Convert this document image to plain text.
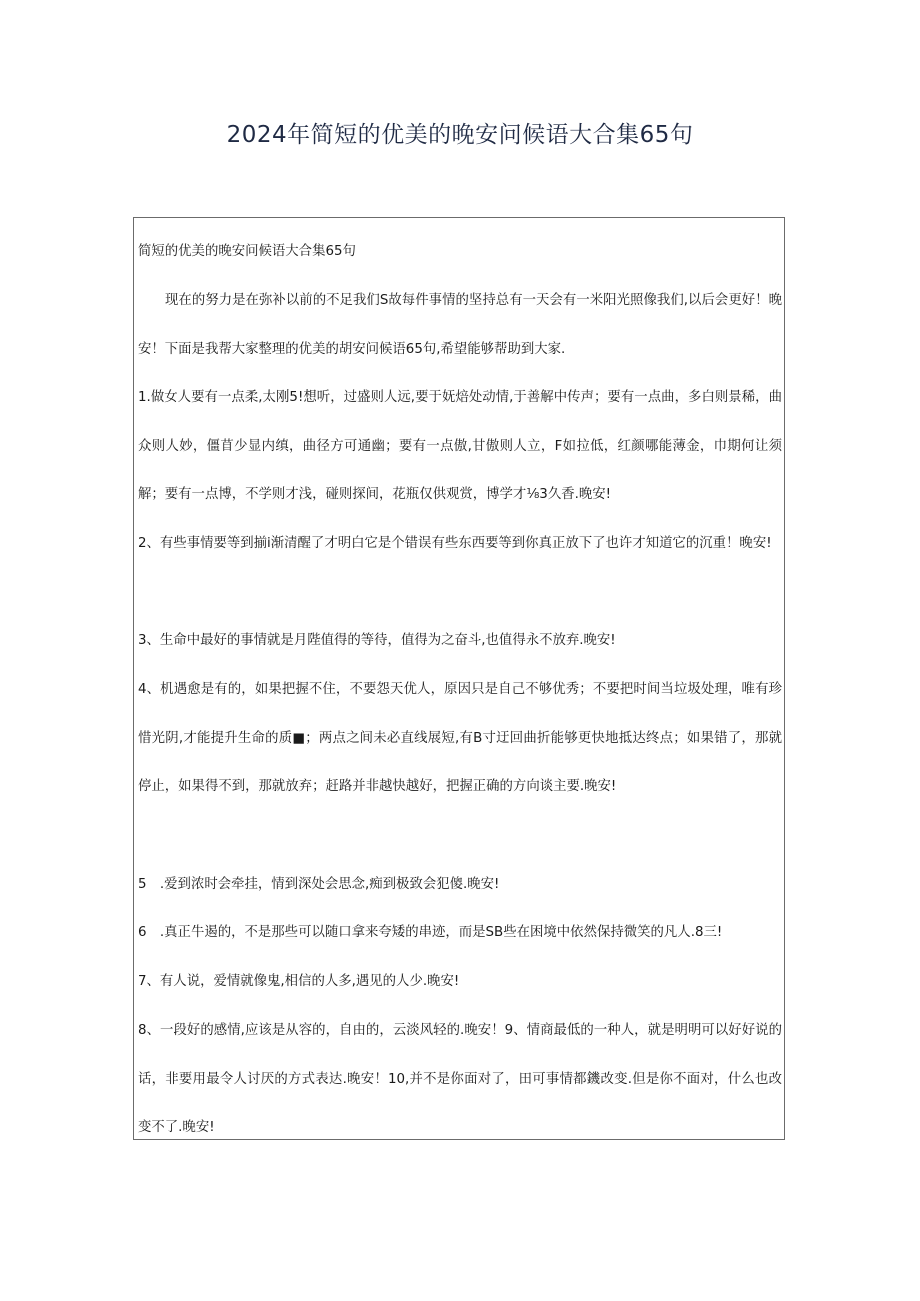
2024年简短的优美的晚安问候语大合集65句

简短的优美的晚安问候语大合集65句

现在的努力是在弥补以前的不足我们S故每件事情的坚持总有一天会有一米阳光照像我们,以后会更好！晚安！下面是我帮大家整理的优美的胡安问候语65句,希望能够帮助到大家.

1.做女人要有一点柔,太刚5!想听，过盛则人远,要于妩焙处动情,于善解中传声；要有一点曲，多白则景稀，曲众则人妙，僵苜少显内缜，曲径方可通幽；要有一点傲,甘傲则人立，F如拉低，红颜哪能薄金，巾期何让须解；要有一点博，不学则才浅，碰则探间，花瓶仅供观赏，博学才⅛3久香.晚安!

2、有些事情要等到揃i渐清醒了才明白它是个错误有些东西要等到你真正放下了也许才知道它的沉重！晚安!

3、生命中最好的事情就是月陛值得的等待，值得为之奋斗,也值得永不放弃.晚安!

4、机遇愈是有的，如果把握不住，不要怨天优人，原因只是自己不够优秀；不要把时间当垃圾处理，唯有珍惜光阴,才能提升生命的质■；两点之间未必直线展短,有B寸迂回曲折能够更快地抵达终点；如果错了，那就停止，如果得不到，那就放弃；赶路并非越快越好，把握正确的方向谈主要.晚安!

5　.爱到浓时会牵挂，情到深处会思念,痴到极致会犯傻.晚安!

6　.真正牛遏的，不是那些可以随口拿来夸矮的串迹，而是SB些在困境中依然保持微笑的凡人.8三!

7、有人说，爱情就像鬼,相信的人多,遇见的人少.晚安!

8、一段好的感情,应该是从容的，自由的，云淡风轻的.晚安！9、情商最低的一种人，就是明明可以好好说的话，非要用最令人讨厌的方式表达.晚安！10,并不是你面对了，田可事情都鐖改变.但是你不面对，什么也改变不了.晚安!
